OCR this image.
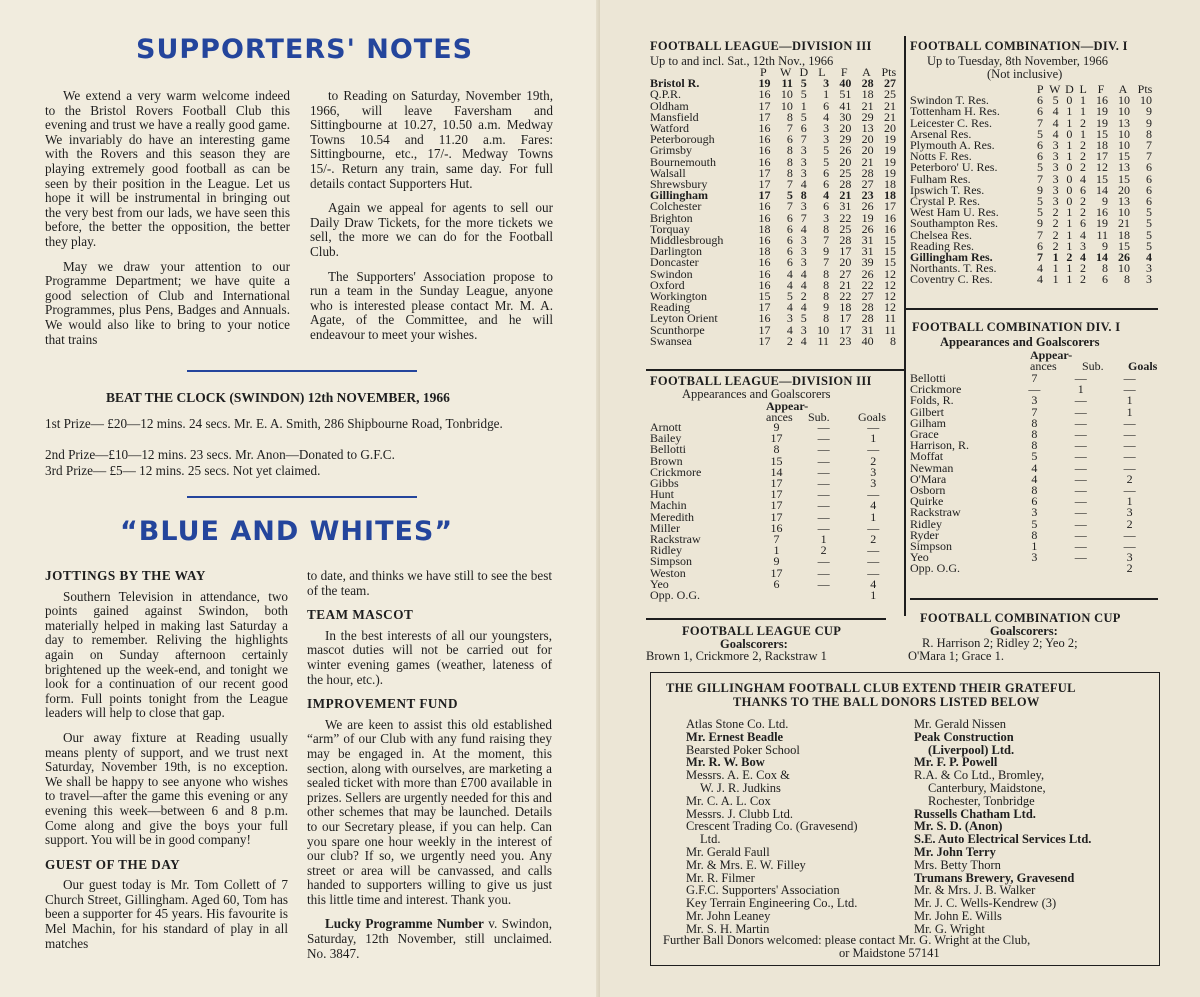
SUPPORTERS' NOTES

We extend a very warm welcome indeed to the Bristol Rovers Football Club this evening and trust we have a really good game. We invariably do have an interesting game with the Rovers and this season they are playing extremely good football as can be seen by their position in the League. Let us hope it will be instrumental in bringing out the very best from our lads, we have seen this before, the better the opposition, the better they play.

May we draw your attention to our Programme Department; we have quite a good selection of Club and International Programmes, plus Pens, Badges and Annuals. We would also like to bring to your notice that trains

to Reading on Saturday, November 19th, 1966, will leave Faversham and Sittingbourne at 10.27, 10.50 a.m. Medway Towns 10.54 and 11.20 a.m. Fares: Sittingbourne, etc., 17/-. Medway Towns 15/-. Return any train, same day. For full details contact Supporters Hut.

Again we appeal for agents to sell our Daily Draw Tickets, for the more tickets we sell, the more we can do for the Football Club.

The Supporters' Association propose to run a team in the Sunday League, anyone who is interested please contact Mr. M. A. Agate, of the Committee, and he will endeavour to meet your wishes.

BEAT THE CLOCK (SWINDON) 12th NOVEMBER, 1966
1st Prize— £20—12 mins. 24 secs. Mr. E. A. Smith, 286 Shipbourne Road, Tonbridge.
2nd Prize—£10—12 mins. 23 secs. Mr. Anon—Donated to G.F.C.
3rd Prize— £5— 12 mins. 25 secs. Not yet claimed.
“BLUE AND WHITES”
JOTTINGS BY THE WAY

Southern Television in attendance, two points gained against Swindon, both materially helped in making last Saturday a day to remember. Reliving the highlights again on Sunday afternoon certainly brightened up the week-end, and tonight we look for a continuation of our recent good form. Full points tonight from the League leaders will help to close that gap.

Our away fixture at Reading usually means plenty of support, and we trust next Saturday, November 19th, is no exception. We shall be happy to see anyone who wishes to travel—after the game this evening or any evening this week—between 6 and 8 p.m. Come along and give the boys your full support. You will be in good company!

GUEST OF THE DAY

Our guest today is Mr. Tom Collett of 7 Church Street, Gillingham. Aged 60, Tom has been a supporter for 45 years. His favourite is Mel Machin, for his standard of play in all matches

to date, and thinks we have still to see the best of the team.

TEAM MASCOT

In the best interests of all our youngsters, mascot duties will not be carried out for winter evening games (weather, lateness of the hour, etc.).

IMPROVEMENT FUND

We are keen to assist this old established “arm” of our Club with any fund raising they may be engaged in. At the moment, this section, along with ourselves, are marketing a sealed ticket with more than £700 available in prizes. Sellers are urgently needed for this and other schemes that may be launched. Details to our Secretary please, if you can help. Can you spare one hour weekly in the interest of our club? If so, we urgently need you. Any street or area will be canvassed, and calls handed to supporters willing to give us just this little time and interest. Thank you.

Lucky Programme Number v. Swindon, Saturday, 12th November, still unclaimed. No. 3847.

FOOTBALL LEAGUE—DIVISION III
Up to and incl. Sat., 12th Nov., 1966
	P	W	D	L	F	A	Pts
Bristol R.	19	11	5	3	40	28	27
Q.P.R.	16	10	5	1	51	18	25
Oldham	17	10	1	6	41	21	21
Mansfield	17	8	5	4	30	29	21
Watford	16	7	6	3	20	13	20
Peterborough	16	6	7	3	29	20	19
Grimsby	16	8	3	5	26	20	19
Bournemouth	16	8	3	5	20	21	19
Walsall	17	8	3	6	25	28	19
Shrewsbury	17	7	4	6	28	27	18
Gillingham	17	5	8	4	21	23	18
Colchester	16	7	3	6	31	26	17
Brighton	16	6	7	3	22	19	16
Torquay	18	6	4	8	25	26	16
Middlesbrough	16	6	3	7	28	31	15
Darlington	18	6	3	9	17	31	15
Doncaster	16	6	3	7	20	39	15
Swindon	16	4	4	8	27	26	12
Oxford	16	4	4	8	21	22	12
Workington	15	5	2	8	22	27	12
Reading	17	4	4	9	18	28	12
Leyton Orient	16	3	5	8	17	28	11
Scunthorpe	17	4	3	10	17	31	11
Swansea	17	2	4	11	23	40	8
FOOTBALL COMBINATION—DIV. I
Up to Tuesday, 8th November, 1966
(Not inclusive)
	P	W	D	L	F	A	Pts
Swindon T. Res.	6	5	0	1	16	10	10
Tottenham H. Res.	6	4	1	1	19	10	9
Leicester C. Res.	7	4	1	2	19	13	9
Arsenal Res.	5	4	0	1	15	10	8
Plymouth A. Res.	6	3	1	2	18	10	7
Notts F. Res.	6	3	1	2	17	15	7
Peterboro' U. Res.	5	3	0	2	12	13	6
Fulham Res.	7	3	0	4	15	15	6
Ipswich T. Res.	9	3	0	6	14	20	6
Crystal P. Res.	5	3	0	2	9	13	6
West Ham U. Res.	5	2	1	2	16	10	5
Southampton Res.	9	2	1	6	19	21	5
Chelsea Res.	7	2	1	4	11	18	5
Reading Res.	6	2	1	3	9	15	5
Gillingham Res.	7	1	2	4	14	26	4
Northants. T. Res.	4	1	1	2	8	10	3
Coventry C. Res.	4	1	1	2	6	8	3
FOOTBALL LEAGUE—DIVISION III
Appearances and Goalscorers
Appear-
ances Sub. Goals
Arnott	9	—	—
Bailey	17	—	1
Bellotti	8	—	—
Brown	15	—	2
Crickmore	14	—	3
Gibbs	17	—	3
Hunt	17	—	—
Machin	17	—	4
Meredith	17	—	1
Miller	16	—	—
Rackstraw	7	1	2
Ridley	1	2	—
Simpson	9	—	—
Weston	17	—	—
Yeo	6	—	4
Opp. O.G.			1
FOOTBALL COMBINATION DIV. I
Appearances and Goalscorers
Appear-
ances Sub. Goals
Bellotti	7	—	—
Crickmore	—	1	—
Folds, R.	3	—	1
Gilbert	7	—	1
Gilham	8	—	—
Grace	8	—	—
Harrison, R.	8	—	—
Moffat	5	—	—
Newman	4	—	—
O'Mara	4	—	2
Osborn	8	—	—
Quirke	6	—	1
Rackstraw	3	—	3
Ridley	5	—	2
Ryder	8	—	—
Simpson	1	—	—
Yeo	3	—	3
Opp. O.G.			2
FOOTBALL LEAGUE CUP
Goalscorers:
Brown 1, Crickmore 2, Rackstraw 1
FOOTBALL COMBINATION CUP
Goalscorers:
R. Harrison 2; Ridley 2; Yeo 2;
O'Mara 1; Grace 1.
THE GILLINGHAM FOOTBALL CLUB EXTEND THEIR GRATEFUL
THANKS TO THE BALL DONORS LISTED BELOW
Atlas Stone Co. Ltd.
Mr. Ernest Beadle
Bearsted Poker School
Mr. R. W. Bow
Messrs. A. E. Cox &
W. J. R. Judkins
Mr. C. A. L. Cox
Messrs. J. Clubb Ltd.
Crescent Trading Co. (Gravesend)
Ltd.
Mr. Gerald Faull
Mr. & Mrs. E. W. Filley
Mr. R. Filmer
G.F.C. Supporters' Association
Key Terrain Engineering Co., Ltd.
Mr. John Leaney
Mr. S. H. Martin
Mr. Gerald Nissen
Peak Construction
(Liverpool) Ltd.
Mr. F. P. Powell
R.A. & Co Ltd., Bromley,
Canterbury, Maidstone,
Rochester, Tonbridge
Russells Chatham Ltd.
Mr. S. D. (Anon)
S.E. Auto Electrical Services Ltd.
Mr. John Terry
Mrs. Betty Thorn
Trumans Brewery, Gravesend
Mr. & Mrs. J. B. Walker
Mr. J. C. Wells-Kendrew (3)
Mr. John E. Wills
Mr. G. Wright
Further Ball Donors welcomed: please contact Mr. G. Wright at the Club,
or Maidstone 57141
